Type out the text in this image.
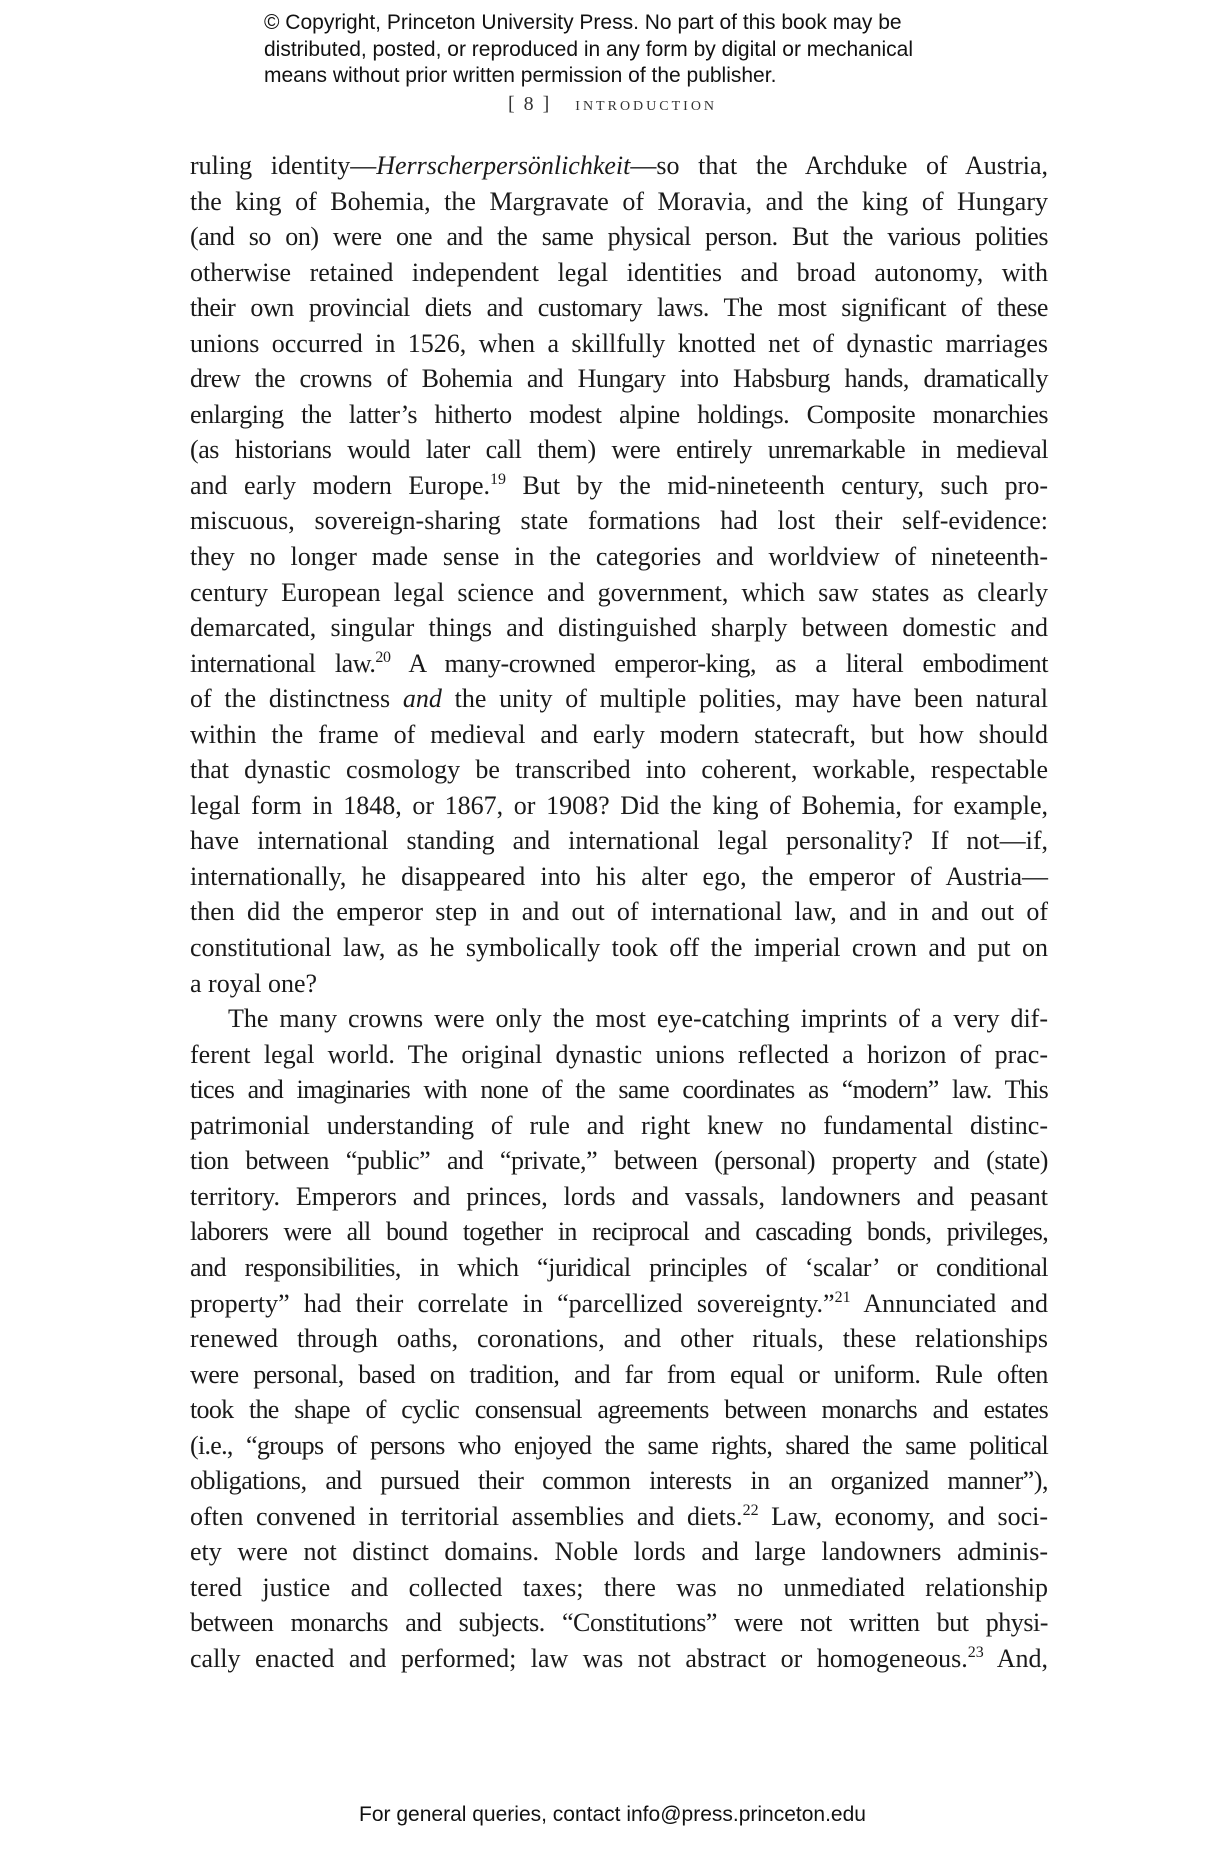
© Copyright, Princeton University Press. No part of this book may be
distributed, posted, or reproduced in any form by digital or mechanical
means without prior written permission of the publisher.
[ 8 ] introduction

ruling identity—Herrscherpersönlichkeit—so that the Archduke of Austria,
the king of Bohemia, the Margravate of Moravia, and the king of Hungary
(and so on) were one and the same physical person. But the various polities
otherwise retained independent legal identities and broad autonomy, with
their own provincial diets and customary laws. The most significant of these
unions occurred in 1526, when a skillfully knotted net of dynastic marriages
drew the crowns of Bohemia and Hungary into Habsburg hands, dramatically
enlarging the latter’s hitherto modest alpine holdings. Composite monarchies
(as historians would later call them) were entirely unremarkable in medieval
and early modern Europe.$^{19}$ But by the mid-nineteenth century, such pro-
miscuous, sovereign-sharing state formations had lost their self-evidence:
they no longer made sense in the categories and worldview of nineteenth-
century European legal science and government, which saw states as clearly
demarcated, singular things and distinguished sharply between domestic and
international law.$^{20}$ A many-crowned emperor-king, as a literal embodiment
of the distinctness and the unity of multiple polities, may have been natural
within the frame of medieval and early modern statecraft, but how should
that dynastic cosmology be transcribed into coherent, workable, respectable
legal form in 1848, or 1867, or 1908? Did the king of Bohemia, for example,
have international standing and international legal personality? If not—if,
internationally, he disappeared into his alter ego, the emperor of Austria—
then did the emperor step in and out of international law, and in and out of
constitutional law, as he symbolically took off the imperial crown and put on
a royal one?

The many crowns were only the most eye-catching imprints of a very dif-
ferent legal world. The original dynastic unions reflected a horizon of prac-
tices and imaginaries with none of the same coordinates as “modern” law. This
patrimonial understanding of rule and right knew no fundamental distinc-
tion between “public” and “private,” between (personal) property and (state)
territory. Emperors and princes, lords and vassals, landowners and peasant
laborers were all bound together in reciprocal and cascading bonds, privileges,
and responsibilities, in which “juridical principles of ‘scalar’ or conditional
property” had their correlate in “parcellized sovereignty.”$^{21}$ Annunciated and
renewed through oaths, coronations, and other rituals, these relationships
were personal, based on tradition, and far from equal or uniform. Rule often
took the shape of cyclic consensual agreements between monarchs and estates
(i.e., “groups of persons who enjoyed the same rights, shared the same political
obligations, and pursued their common interests in an organized manner”),
often convened in territorial assemblies and diets.$^{22}$ Law, economy, and soci-
ety were not distinct domains. Noble lords and large landowners adminis-
tered justice and collected taxes; there was no unmediated relationship
between monarchs and subjects. “Constitutions” were not written but physi-
cally enacted and performed; law was not abstract or homogeneous.$^{23}$ And,

For general queries, contact info@press.princeton.edu
